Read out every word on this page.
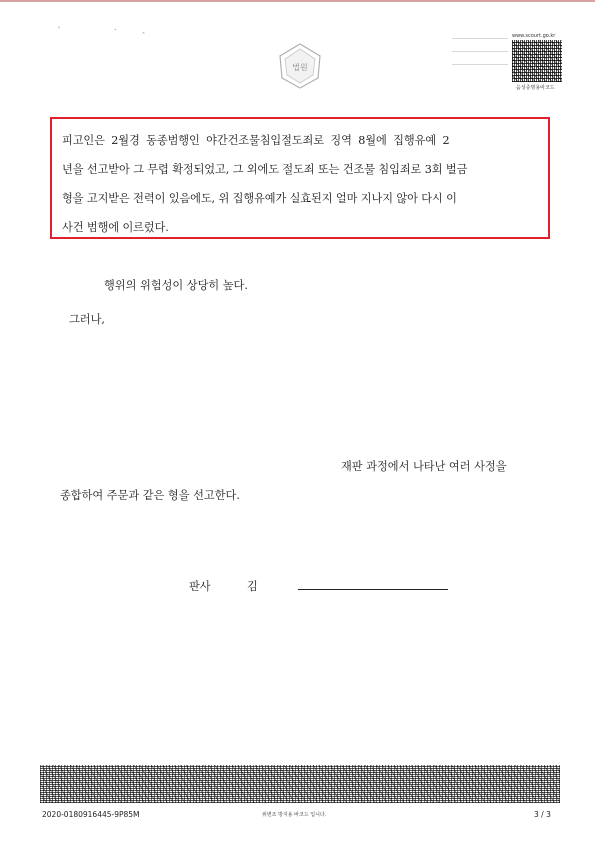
' ·ꞈ
법원
www.scourt.go.kr
음성증명용바코드
피고인은 2월경 동종범행인 야간건조물침입절도죄로 징역 8월에 집행유예 2
년을 선고받아 그 무렵 확정되었고, 그 외에도 절도죄 또는 건조물 침입죄로 3회 벌금
형을 고지받은 전력이 있음에도, 위 집행유예가 실효된지 얼마 지나지 않아 다시 이
사건 범행에 이르렀다.
행위의 위험성이 상당히 높다.
그러나,
재판 과정에서 나타난 여러 사정을
종합하여 주문과 같은 형을 선고한다.
판사	김
2020-0180916445-9P85M	위변조 방지용 바코드 입니다.	3 / 3
